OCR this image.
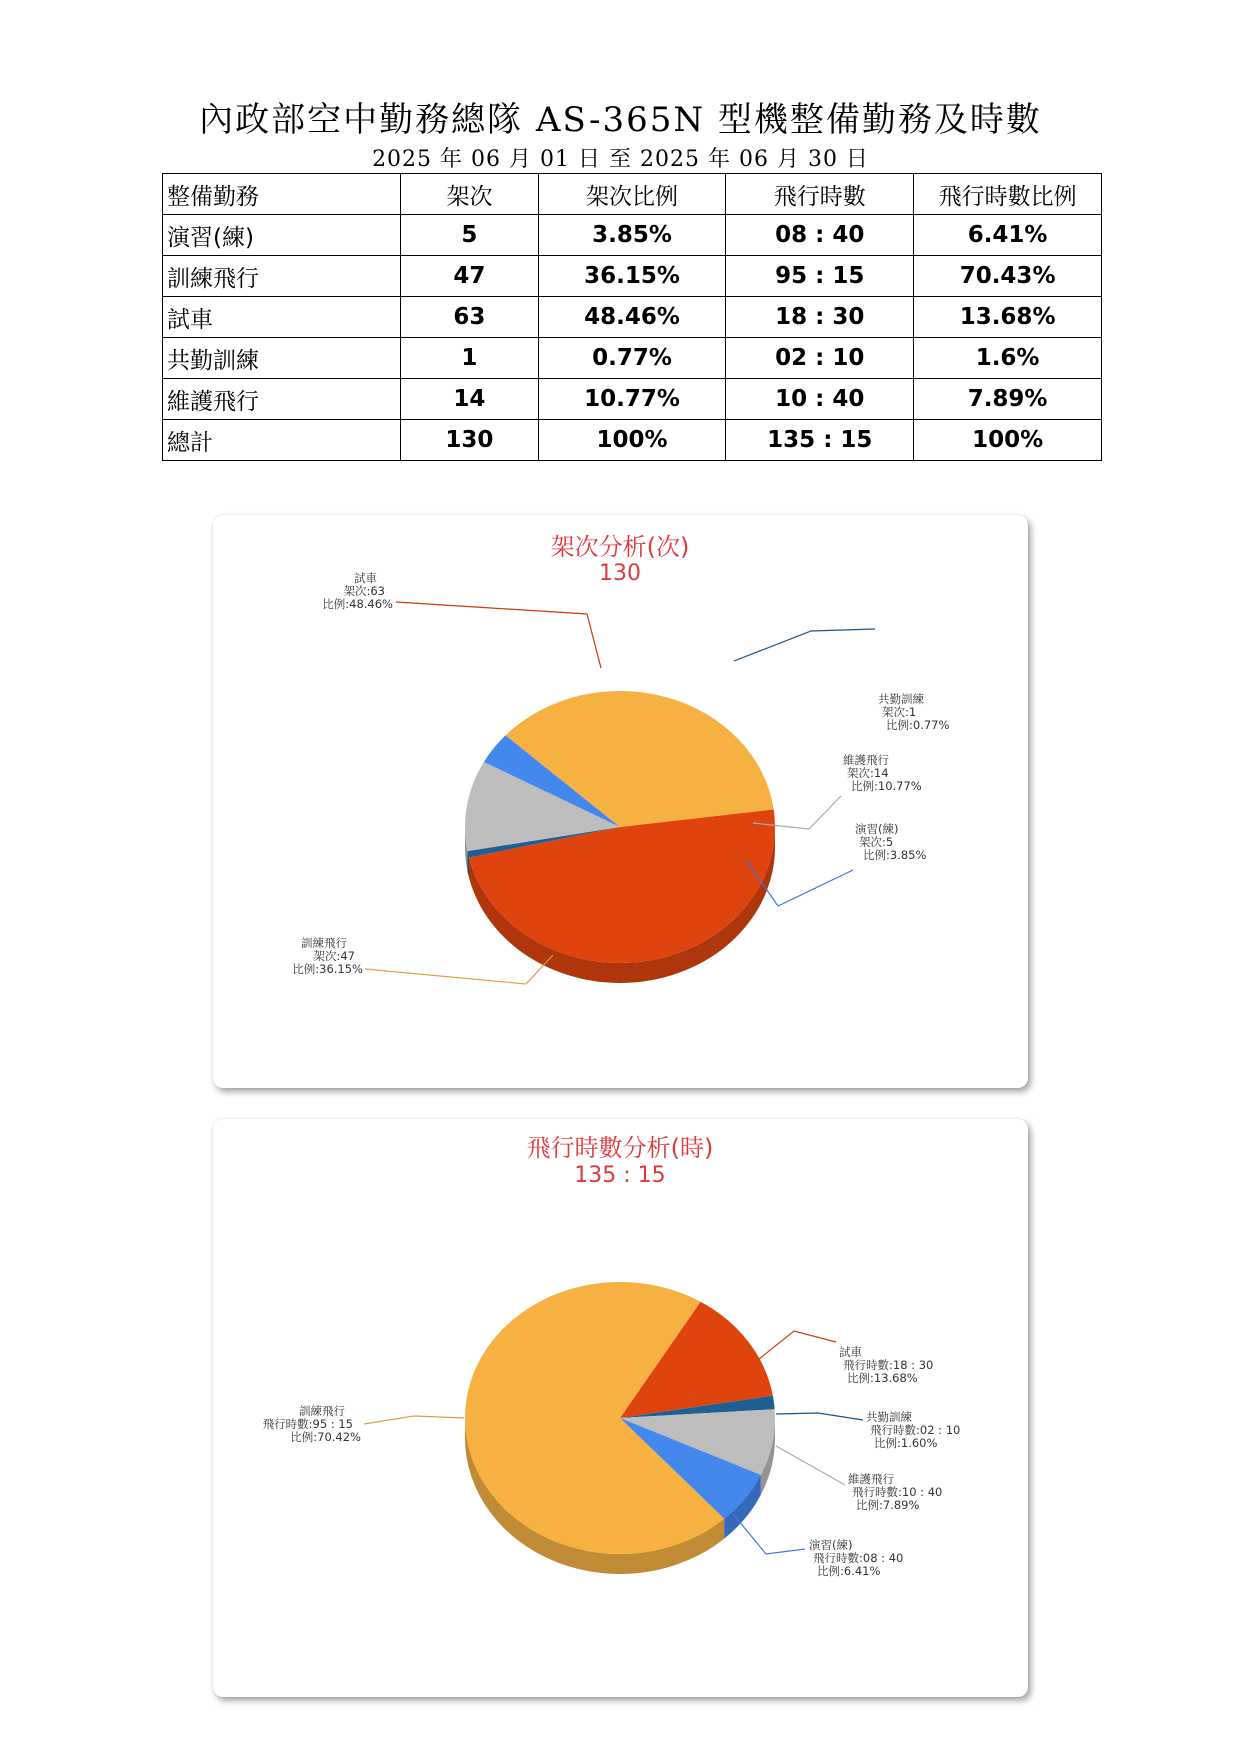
內政部空中勤務總隊 AS-365N 型機整備勤務及時數
2025 年 06 月 01 日 至 2025 年 06 月 30 日
整備勤務	架次	架次比例	飛行時數	飛行時數比例
演習(練)	5	3.85%	08 : 40	6.41%
訓練飛行	47	36.15%	95 : 15	70.43%
試車	63	48.46%	18 : 30	13.68%
共勤訓練	1	0.77%	02 : 10	1.6%
維護飛行	14	10.77%	10 : 40	7.89%
總計	130	100%	135 : 15	100%
架次分析(次)
130
試車
架次:63
比例:48.46%
共勤訓練
架次:1
比例:0.77%
維護飛行
架次:14
比例:10.77%
演習(練)
架次:5
比例:3.85%
訓練飛行
架次:47
比例:36.15%
飛行時數分析(時)
135 : 15
試車
飛行時數:18 : 30
比例:13.68%
共勤訓練
飛行時數:02 : 10
比例:1.60%
維護飛行
飛行時數:10 : 40
比例:7.89%
演習(練)
飛行時數:08 : 40
比例:6.41%
訓練飛行
飛行時數:95 : 15
比例:70.42%
